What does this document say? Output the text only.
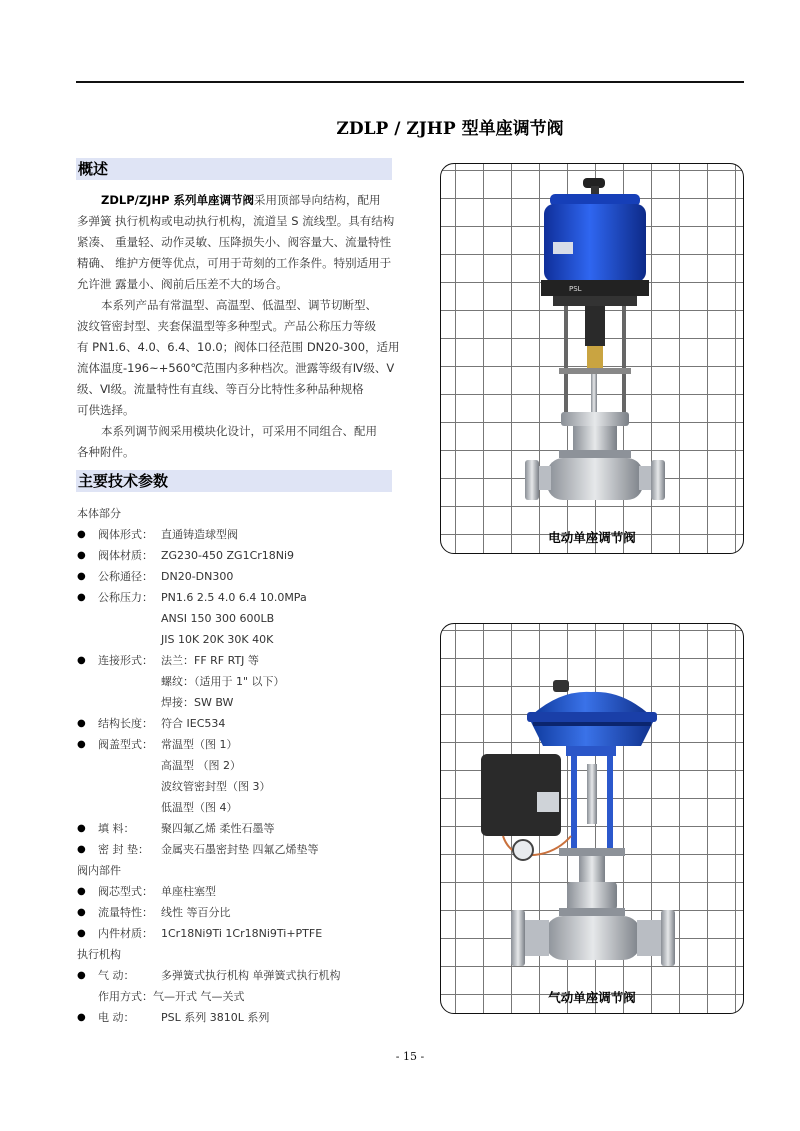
ZDLP / ZJHP 型单座调节阀
概述

ZDLP/ZJHP 系列单座调节阀采用顶部导向结构，配用

多弹簧 执行机构或电动执行机构，流道呈 S 流线型。具有结构

紧凑、 重量轻、动作灵敏、压降损失小、阀容量大、流量特性

精确、 维护方便等优点，可用于苛刻的工作条件。特别适用于

允许泄 露量小、阀前后压差不大的场合。

本系列产品有常温型、高温型、低温型、调节切断型、

波纹管密封型、夹套保温型等多种型式。产品公称压力等级

有 PN1.6、4.0、6.4、10.0；阀体口径范围 DN20-300，适用

流体温度-196~+560℃范围内多种档次。泄露等级有Ⅳ级、V

级、Ⅵ级。流量特性有直线、等百分比特性多种品种规格

可供选择。

本系列调节阀采用模块化设计，可采用不同组合、配用

各种附件。

主要技术参数
本体部分
● 阀体形式： 直通铸造球型阀
● 阀体材质： ZG230-450 ZG1Cr18Ni9
● 公称通径： DN20-DN300
● 公称压力： PN1.6 2.5 4.0 6.4 10.0MPa
ANSI 150 300 600LB
JIS 10K 20K 30K 40K
● 连接形式： 法兰：FF RF RTJ 等
螺纹：（适用于 1" 以下）
焊接：SW BW
● 结构长度： 符合 IEC534
● 阀盖型式： 常温型（图 1）
高温型 （图 2）
波纹管密封型（图 3）
低温型（图 4）
● 填 料： 聚四氟乙烯 柔性石墨等
● 密 封 垫： 金属夹石墨密封垫 四氟乙烯垫等
阀内部件
● 阀芯型式： 单座柱塞型
● 流量特性： 线性 等百分比
● 内件材质： 1Cr18Ni9Ti 1Cr18Ni9Ti+PTFE
执行机构
● 气 动： 多弹簧式执行机构 单弹簧式执行机构
作用方式：气—开式 气—关式
● 电 动： PSL 系列 3810L 系列
PSL
电动单座调节阀
气动单座调节阀
- 15 -
